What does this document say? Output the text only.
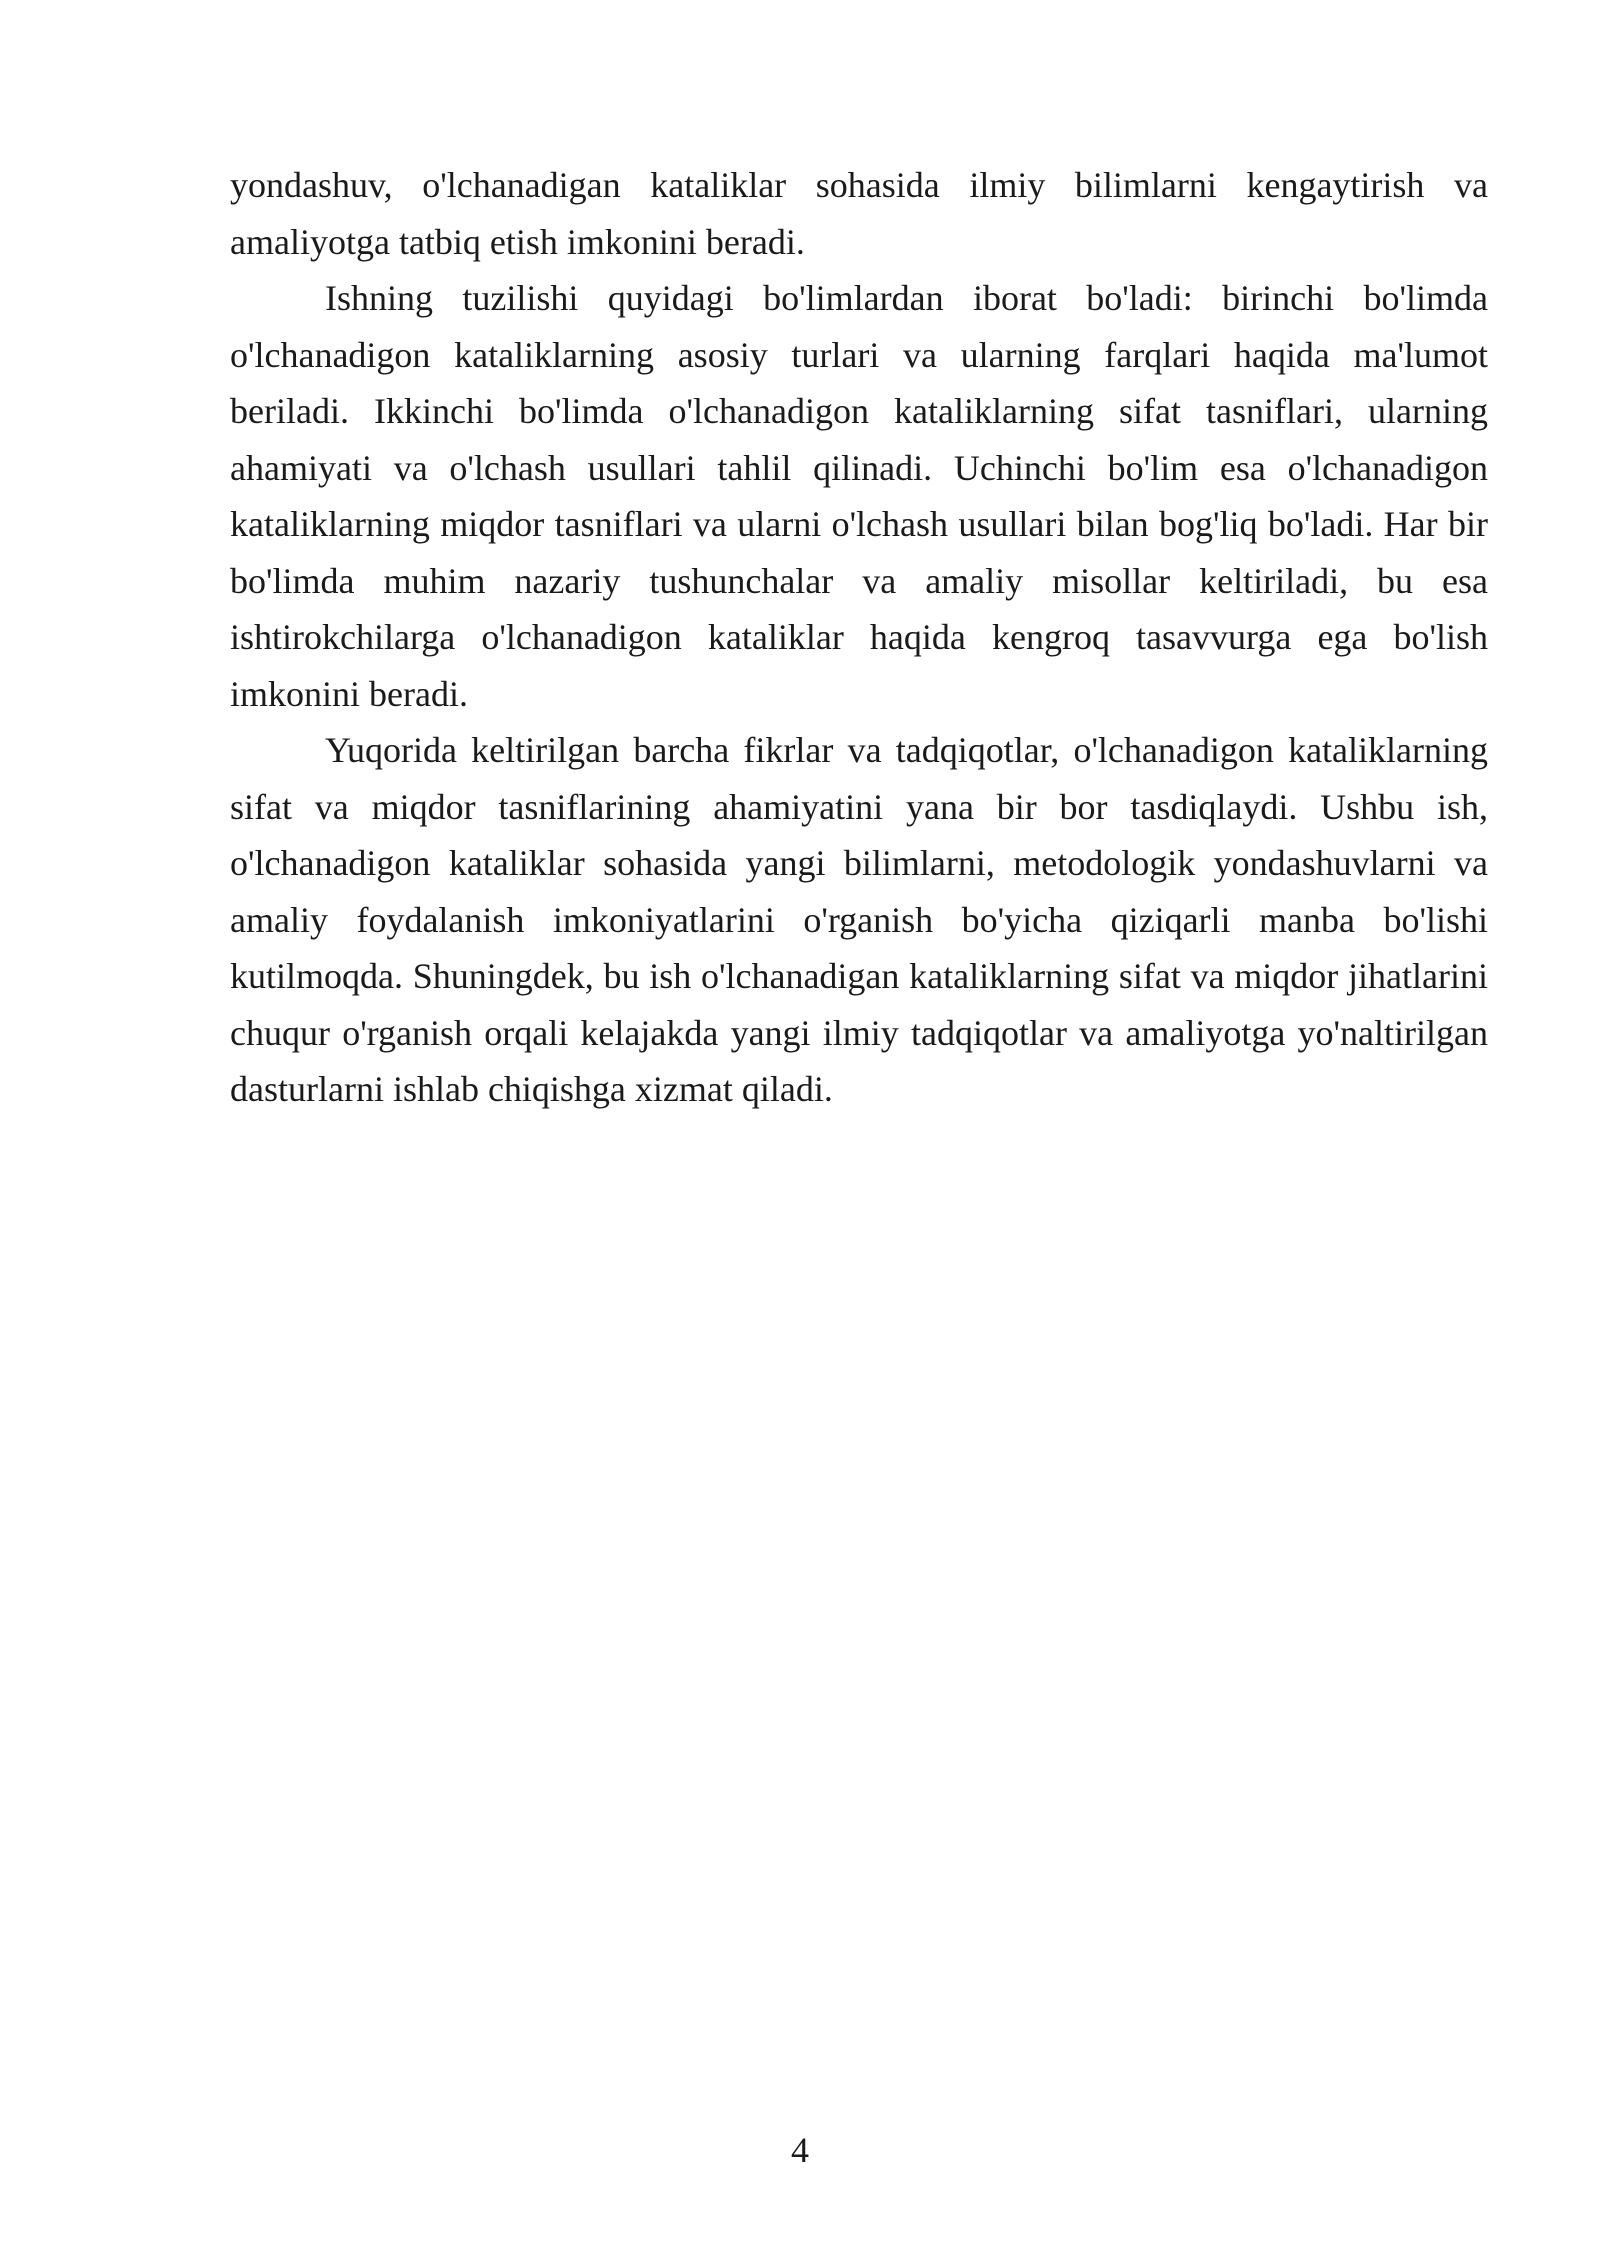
yondashuv, o'lchanadigan kataliklar sohasida ilmiy bilimlarni kengaytirish va amaliyotga tatbiq etish imkonini beradi.

Ishning tuzilishi quyidagi bo'limlardan iborat bo'ladi: birinchi bo'limda o'lchanadigon kataliklarning asosiy turlari va ularning farqlari haqida ma'lumot beriladi. Ikkinchi bo'limda o'lchanadigon kataliklarning sifat tasniflari, ularning ahamiyati va o'lchash usullari tahlil qilinadi. Uchinchi bo'lim esa o'lchanadigon kataliklarning miqdor tasniflari va ularni o'lchash usullari bilan bog'liq bo'ladi. Har bir bo'limda muhim nazariy tushunchalar va amaliy misollar keltiriladi, bu esa ishtirokchilarga o'lchanadigon kataliklar haqida kengroq tasavvurga ega bo'lish imkonini beradi.

Yuqorida keltirilgan barcha fikrlar va tadqiqotlar, o'lchanadigon kataliklarning sifat va miqdor tasniflarining ahamiyatini yana bir bor tasdiqlaydi. Ushbu ish, o'lchanadigon kataliklar sohasida yangi bilimlarni, metodologik yondashuvlarni va amaliy foydalanish imkoniyatlarini o'rganish bo'yicha qiziqarli manba bo'lishi kutilmoqda. Shuningdek, bu ish o'lchanadigan kataliklarning sifat va miqdor jihatlarini chuqur o'rganish orqali kelajakda yangi ilmiy tadqiqotlar va amaliyotga yo'naltirilgan dasturlarni ishlab chiqishga xizmat qiladi.

4
